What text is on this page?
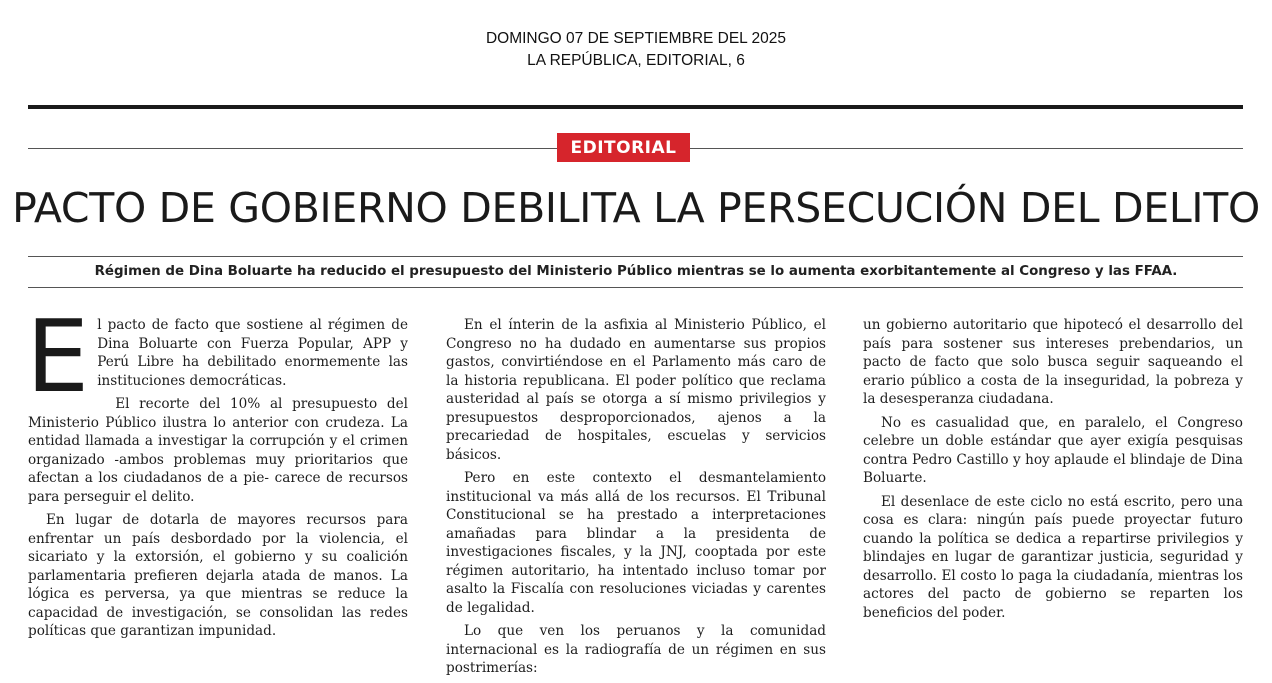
DOMINGO 07 DE SEPTIEMBRE DEL 2025
LA REPÚBLICA, EDITORIAL, 6
EDITORIAL
PACTO DE GOBIERNO DEBILITA LA PERSECUCIÓN DEL DELITO
Régimen de Dina Boluarte ha reducido el presupuesto del Ministerio Público mientras se lo aumenta exorbitantemente al Congreso y las FFAA.

El pacto de facto que sostiene al régimen de Dina Boluarte con Fuerza Popular, APP y Perú Libre ha debilitado enormemente las instituciones democráticas.

El recorte del 10% al presupuesto del Ministerio Público ilustra lo anterior con crudeza. La entidad llamada a investigar la corrupción y el crimen organizado -ambos problemas muy prioritarios que afectan a los ciudadanos de a pie- carece de recursos para perseguir el delito.

En lugar de dotarla de mayores recursos para enfrentar un país desbordado por la violencia, el sicariato y la extorsión, el gobierno y su coalición parlamentaria prefieren dejarla atada de manos. La lógica es perversa, ya que mientras se reduce la capacidad de investigación, se consolidan las redes políticas que garantizan impunidad.

En el ínterin de la asfixia al Ministerio Público, el Congreso no ha dudado en aumentarse sus propios gastos, convirtiéndose en el Parlamento más caro de la historia republicana. El poder político que reclama austeridad al país se otorga a sí mismo privilegios y presupuestos desproporcionados, ajenos a la precariedad de hospitales, escuelas y servicios básicos.

Pero en este contexto el desmantelamiento institucional va más allá de los recursos. El Tribunal Constitucional se ha prestado a interpretaciones amañadas para blindar a la presidenta de investigaciones fiscales, y la JNJ, cooptada por este régimen autoritario, ha intentado incluso tomar por asalto la Fiscalía con resoluciones viciadas y carentes de legalidad.

Lo que ven los peruanos y la comunidad internacional es la radiografía de un régimen en sus postrimerías:

un gobierno autoritario que hipotecó el desarrollo del país para sostener sus intereses prebendarios, un pacto de facto que solo busca seguir saqueando el erario público a costa de la inseguridad, la pobreza y la desesperanza ciudadana.

No es casualidad que, en paralelo, el Congreso celebre un doble estándar que ayer exigía pesquisas contra Pedro Castillo y hoy aplaude el blindaje de Dina Boluarte.

El desenlace de este ciclo no está escrito, pero una cosa es clara: ningún país puede proyectar futuro cuando la política se dedica a repartirse privilegios y blindajes en lugar de garantizar justicia, seguridad y desarrollo. El costo lo paga la ciudadanía, mientras los actores del pacto de gobierno se reparten los beneficios del poder.
